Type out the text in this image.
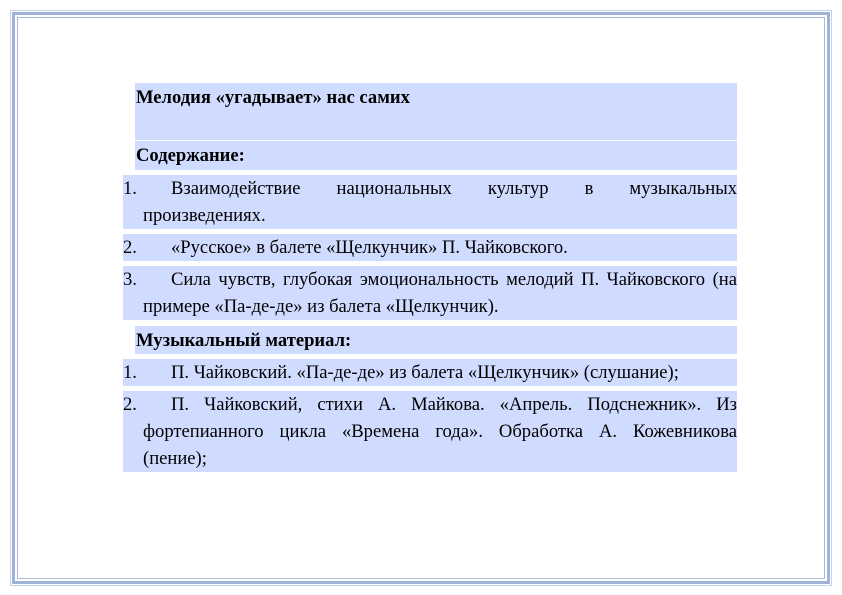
Мелодия «угадывает» нас самих
Содержание:
1.	Взаимодействие национальных культур в музыкальных произведениях.
2.	«Русское» в балете «Щелкунчик» П. Чайковского.
3.	Сила чувств, глубокая эмоциональность мелодий П. Чайковского (на примере «Па-де-де» из балета «Щелкунчик).
Музыкальный материал:
1.	П. Чайковский. «Па-де-де» из балета «Щелкунчик» (слушание);
2.	П. Чайковский, стихи А. Майкова. «Апрель. Подснежник». Из фортепианного цикла «Времена года». Обработка А. Кожевникова (пение);
